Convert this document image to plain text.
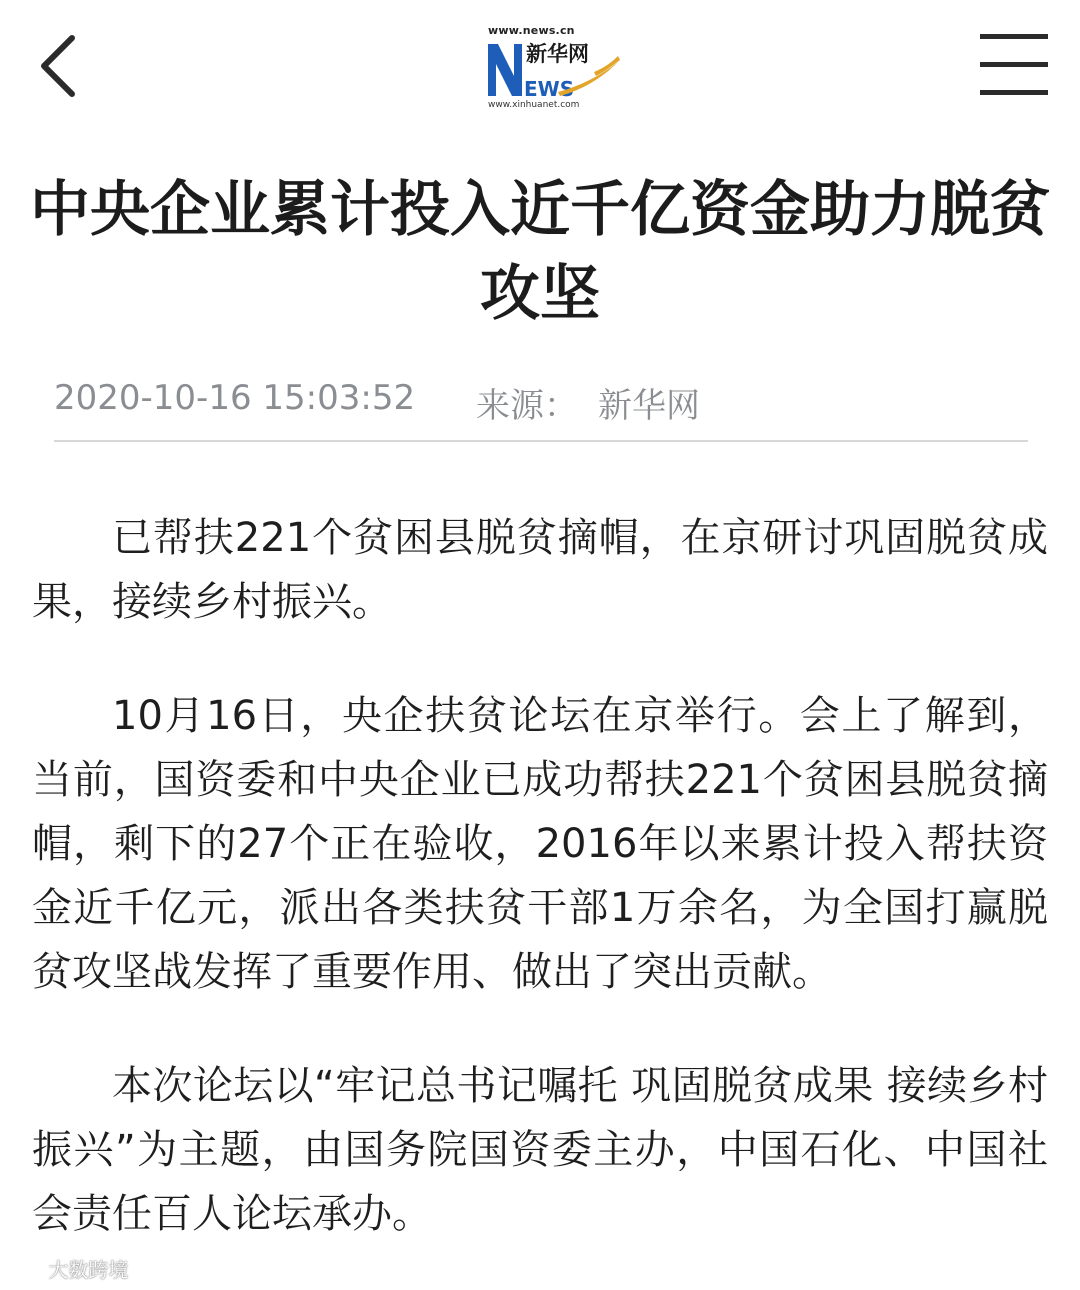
EWS
www.news.cn
新华网
www.xinhuanet.com
中央企业累计投入近千亿资金助力脱贫攻坚
2020-10-16 15:03:52 来源： 新华网

已帮扶221个贫困县脱贫摘帽，在京研讨巩固脱贫成果，接续乡村振兴。

10月16日，央企扶贫论坛在京举行。会上了解到，当前，国资委和中央企业已成功帮扶221个贫困县脱贫摘帽，剩下的27个正在验收，2016年以来累计投入帮扶资金近千亿元，派出各类扶贫干部1万余名，为全国打赢脱贫攻坚战发挥了重要作用、做出了突出贡献。

本次论坛以“牢记总书记嘱托 巩固脱贫成果 接续乡村振兴”为主题，由国务院国资委主办，中国石化、中国社会责任百人论坛承办。

大数跨境
